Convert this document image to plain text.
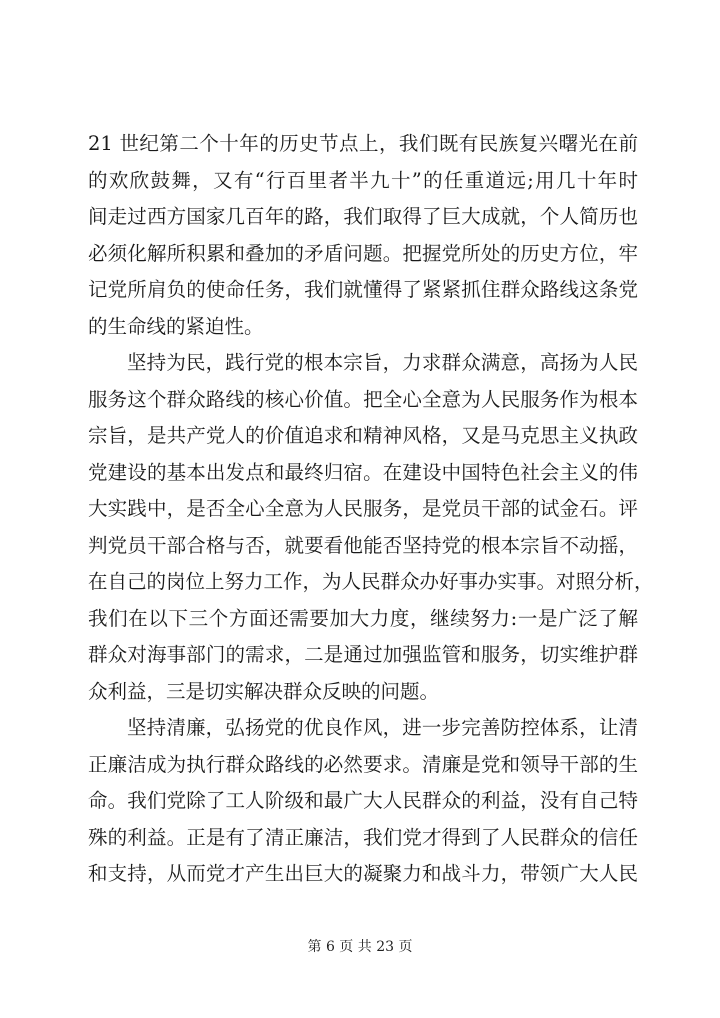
21 世纪第二个十年的历史节点上，我们既有民族复兴曙光在前
的欢欣鼓舞，又有“行百里者半九十”的任重道远;用几十年时
间走过西方国家几百年的路，我们取得了巨大成就，个人简历也
必须化解所积累和叠加的矛盾问题。把握党所处的历史方位，牢
记党所肩负的使命任务，我们就懂得了紧紧抓住群众路线这条党
的生命线的紧迫性。
坚持为民，践行党的根本宗旨，力求群众满意，高扬为人民
服务这个群众路线的核心价值。把全心全意为人民服务作为根本
宗旨，是共产党人的价值追求和精神风格，又是马克思主义执政
党建设的基本出发点和最终归宿。在建设中国特色社会主义的伟
大实践中，是否全心全意为人民服务，是党员干部的试金石。评
判党员干部合格与否，就要看他能否坚持党的根本宗旨不动摇，
在自己的岗位上努力工作，为人民群众办好事办实事。对照分析，
我们在以下三个方面还需要加大力度，继续努力:一是广泛了解
群众对海事部门的需求，二是通过加强监管和服务，切实维护群
众利益，三是切实解决群众反映的问题。
坚持清廉，弘扬党的优良作风，进一步完善防控体系，让清
正廉洁成为执行群众路线的必然要求。清廉是党和领导干部的生
命。我们党除了工人阶级和最广大人民群众的利益，没有自己特
殊的利益。正是有了清正廉洁，我们党才得到了人民群众的信任
和支持，从而党才产生出巨大的凝聚力和战斗力，带领广大人民
第 6 页 共 23 页
